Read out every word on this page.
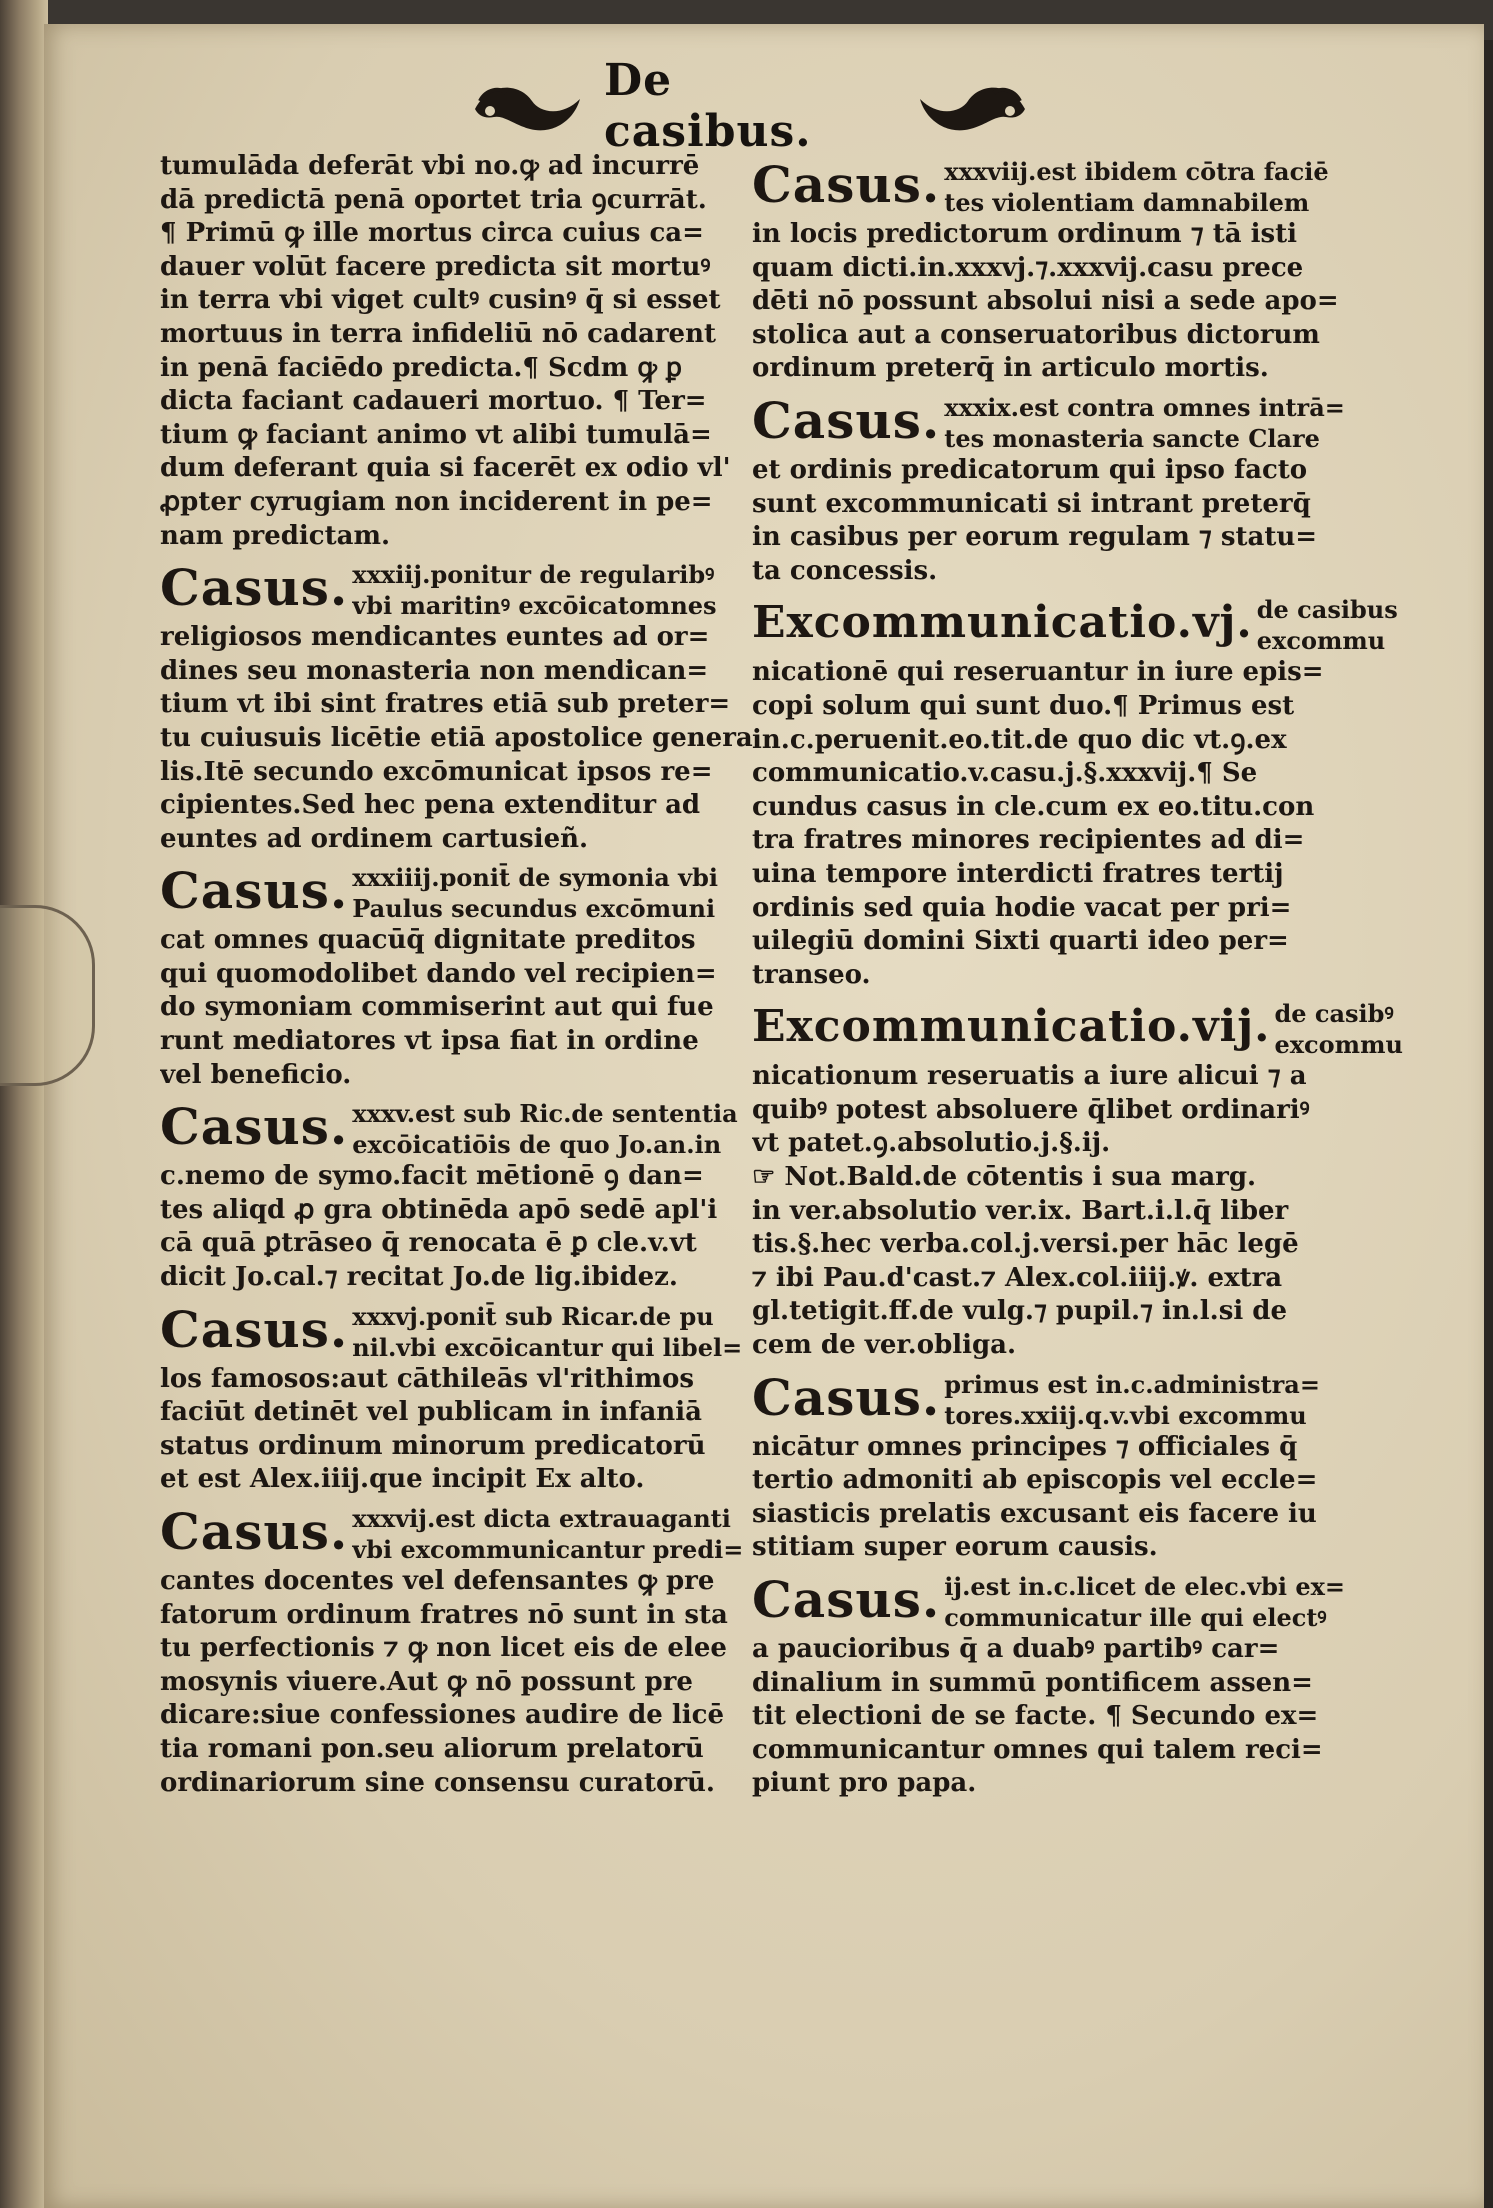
De casibus.
tumulāda deferāt vbi no.ꝙ ad incurrē
dā predictā penā oportet tria ꝯcurrāt.
¶ Primū ꝙ ille mortus circa cuius ca=
dauer volūt facere predicta sit mortuꝰ
in terra vbi viget cultꝰ cusinꝰ q̄ si esset
mortuus in terra infideliū nō cadarent
in penā faciēdo predicta.¶ Scdm ꝙ ꝑ
dicta faciant cadaueri mortuo. ¶ Ter=
tium ꝙ faciant animo vt alibi tumulā=
dum deferant quia si facerēt ex odio vl'
ꝓpter cyrugiam non inciderent in pe=
nam predictam.
Casus. xxxiij.ponitur de regularibꝰ
vbi maritinꝰ excōicatomnes
religiosos mendicantes euntes ad or=
dines seu monasteria non mendican=
tium vt ibi sint fratres etiā sub preter=
tu cuiusuis licētie etiā apostolice genera
lis.Itē secundo excōmunicat ipsos re=
cipientes.Sed hec pena extenditur ad
euntes ad ordinem cartusieñ.
Casus. xxxiiij.ponit̄ de symonia vbi
Paulus secundus excōmuni
cat omnes quacūq̄ dignitate preditos
qui quomodolibet dando vel recipien=
do symoniam commiserint aut qui fue
runt mediatores vt ipsa fiat in ordine
vel beneficio.
Casus. xxxv.est sub Ric.de sententia
excōicatiōis de quo Jo.an.in
c.nemo de symo.facit mētionē ꝯ dan=
tes aliqd ꝓ gra obtinēda apō sedē apl'i
cā quā ꝑtrāseo q̄ renocata ē ꝑ cle.v.vt
dicit Jo.cal.⁊ recitat Jo.de lig.ibidez.
Casus. xxxvj.ponit̄ sub Ricar.de pu
nil.vbi excōicantur qui libel=
los famosos:aut cāthileās vl'rithimos
faciūt detinēt vel publicam in infaniā
status ordinum minorum predicatorū
et est Alex.iiij.que incipit Ex alto.
Casus. xxxvij.est dicta extrauaganti
vbi excommunicantur predi=
cantes docentes vel defensantes ꝙ pre
fatorum ordinum fratres nō sunt in sta
tu perfectionis ⁊ ꝙ non licet eis de elee
mosynis viuere.Aut ꝙ nō possunt pre
dicare:siue confessiones audire de licē
tia romani pon.seu aliorum prelatorū
ordinariorum sine consensu curatorū.
Casus. xxxviij.est ibidem cōtra faciē
tes violentiam damnabilem
in locis predictorum ordinum ⁊ tā isti
quam dicti.in.xxxvj.⁊.xxxvij.casu prece
dēti nō possunt absolui nisi a sede apo=
stolica aut a conseruatoribus dictorum
ordinum preterq̄ in articulo mortis.
Casus. xxxix.est contra omnes intrā=
tes monasteria sancte Clare
et ordinis predicatorum qui ipso facto
sunt excommunicati si intrant preterq̄
in casibus per eorum regulam ⁊ statu=
ta concessis.
Excommunicatio.vj. de casibus
excommu
nicationē qui reseruantur in iure epis=
copi solum qui sunt duo.¶ Primus est
in.c.peruenit.eo.tit.de quo dic vt.ꝯ.ex
communicatio.v.casu.j.§.xxxvij.¶ Se
cundus casus in cle.cum ex eo.titu.con
tra fratres minores recipientes ad di=
uina tempore interdicti fratres tertij
ordinis sed quia hodie vacat per pri=
uilegiū domini Sixti quarti ideo per=
transeo.
Excommunicatio.vij. de casibꝰ
excommu
nicationum reseruatis a iure alicui ⁊ a
quibꝰ potest absoluere q̄libet ordinariꝰ
vt patet.ꝯ.absolutio.j.§.ij.
☞ Not.Bald.de cōtentis i sua marg.
in ver.absolutio ver.ix. Bart.i.l.q̄ liber
tis.§.hec verba.col.j.versi.per hāc legē
⁊ ibi Pau.d'cast.⁊ Alex.col.iiij.ꝟ. extra
gl.tetigit.ff.de vulg.⁊ pupil.⁊ in.l.si de
cem de ver.obliga.
Casus. primus est in.c.administra=
tores.xxiij.q.v.vbi excommu
nicātur omnes principes ⁊ officiales q̄
tertio admoniti ab episcopis vel eccle=
siasticis prelatis excusant eis facere iu
stitiam super eorum causis.
Casus. ij.est in.c.licet de elec.vbi ex=
communicatur ille qui electꝰ
a paucioribus q̄ a duabꝰ partibꝰ car=
dinalium in summū pontificem assen=
tit electioni de se facte. ¶ Secundo ex=
communicantur omnes qui talem reci=
piunt pro papa.
